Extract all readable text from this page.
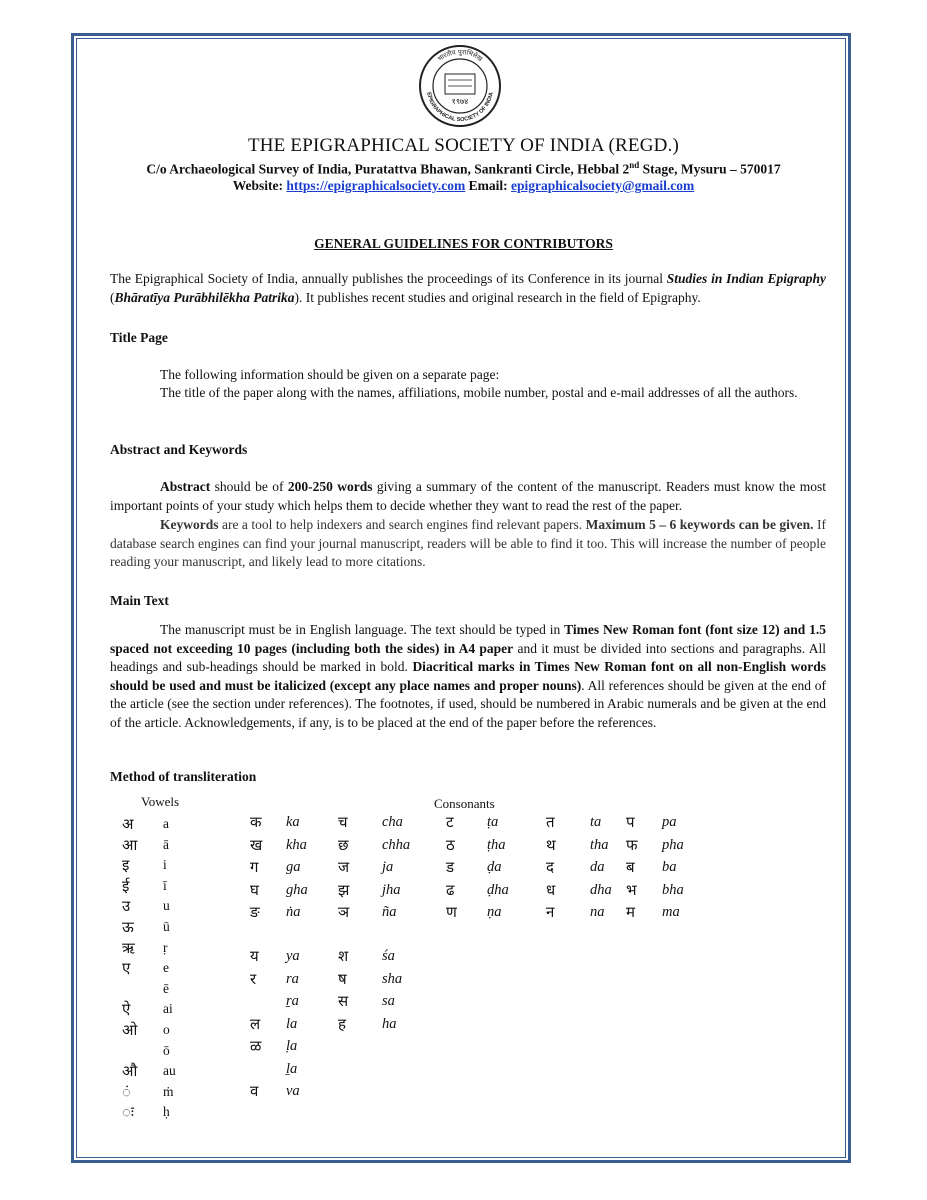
भारतीय पुराभिलेख
EPIGRAPHICAL SOCIETY OF INDIA
१९७४
THE EPIGRAPHICAL SOCIETY OF INDIA (REGD.)
C/o Archaeological Survey of India, Puratattva Bhawan, Sankranti Circle, Hebbal 2nd Stage, Mysuru – 570017
Website: https://epigraphicalsociety.com Email: epigraphicalsociety@gmail.com
GENERAL GUIDELINES FOR CONTRIBUTORS

The Epigraphical Society of India, annually publishes the proceedings of its Conference in its journal Studies in Indian Epigraphy (Bhāratīya Purābhilēkha Patrika). It publishes recent studies and original research in the field of Epigraphy.

Title Page

The following information should be given on a separate page:

The title of the paper along with the names, affiliations, mobile number, postal and e-mail addresses of all the authors.

Abstract and Keywords

Abstract should be of 200-250 words giving a summary of the content of the manuscript. Readers must know the most important points of your study which helps them to decide whether they want to read the rest of the paper.

Keywords are a tool to help indexers and search engines find relevant papers. Maximum 5 – 6 keywords can be given. If database search engines can find your journal manuscript, readers will be able to find it too. This will increase the number of people reading your manuscript, and likely lead to more citations.

Main Text

The manuscript must be in English language. The text should be typed in Times New Roman font (font size 12) and 1.5 spaced not exceeding 10 pages (including both the sides) in A4 paper and it must be divided into sections and paragraphs. All headings and sub-headings should be marked in bold. Diacritical marks in Times New Roman font on all non-English words should be used and must be italicized (except any place names and proper nouns). All references should be given at the end of the article (see the section under references). The footnotes, if used, should be numbered in Arabic numerals and be given at the end of the article. Acknowledgements, if any, is to be placed at the end of the paper before the references.

Method of transliteration
Vowels	Consonants
अ a
आ ā
इ i
ई ī
उ u
ऊ ū
ऋ ṛ
ए e
ē
ऐ ai
ओ o
ō
औ au
ं ṁ
ः ḥ
क ka	च cha	ट ṭa	त ta प pa
ख kha छ chha ठ ṭha	थ tha फ pha
ग ga	ज ja	ड ḍa	द da ब ba
घ gha झ jha	ढ ḍha ध dha भ bha
ङ ṅa	ञ ña	ण ṇa	न na म ma
य ya	श śa
र ra	ष sha
ṟa	स sa
ल la	ह ha
ळ ḷa
ḻa
व va
